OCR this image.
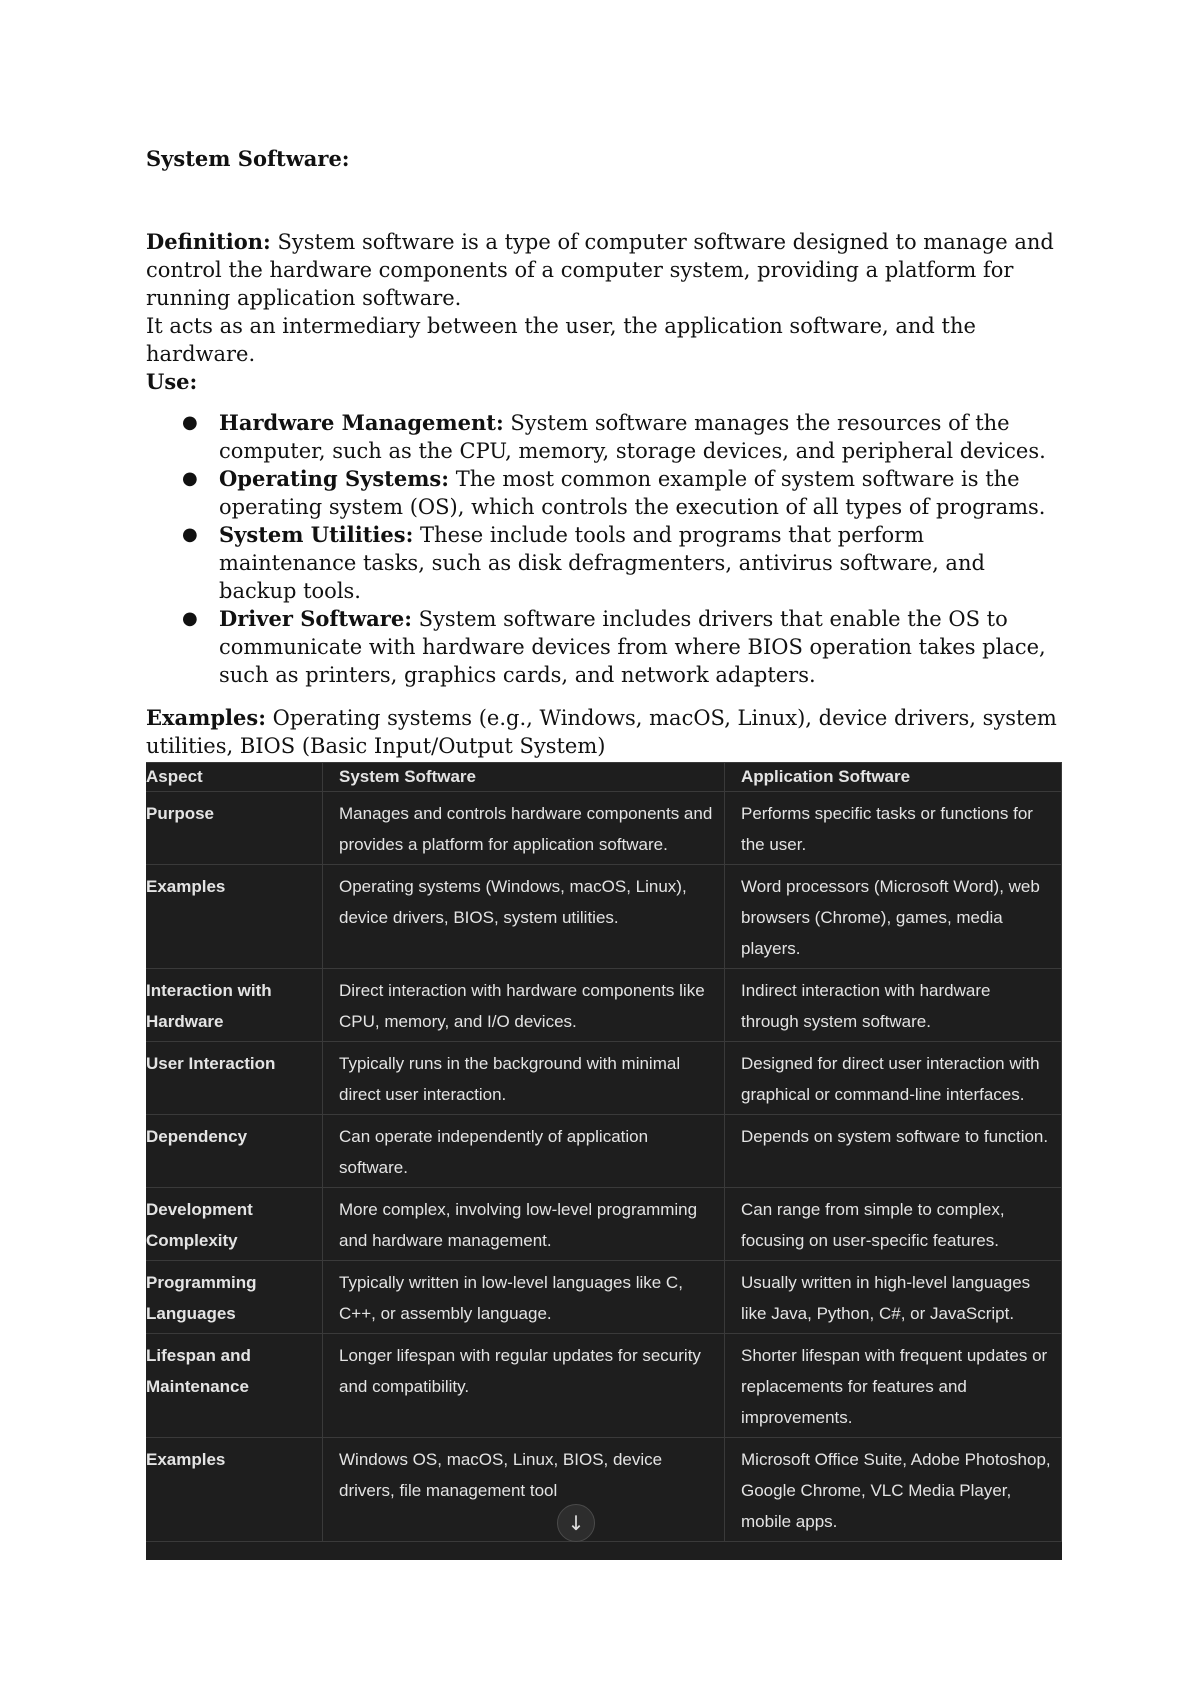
System Software:

Definition: System software is a type of computer software designed to manage and control the hardware components of a computer system, providing a platform for running application software.

It acts as an intermediary between the user, the application software, and the hardware.

Use:

● Hardware Management: System software manages the resources of the computer, such as the CPU, memory, storage devices, and peripheral devices.
● Operating Systems: The most common example of system software is the operating system (OS), which controls the execution of all types of programs.
● System Utilities: These include tools and programs that perform maintenance tasks, such as disk defragmenters, antivirus software, and backup tools.
● Driver Software: System software includes drivers that enable the OS to communicate with hardware devices from where BIOS operation takes place, such as printers, graphics cards, and network adapters.

Examples: Operating systems (e.g., Windows, macOS, Linux), device drivers, system utilities, BIOS (Basic Input/Output System)

Aspect	System Software	Application Software
Purpose	Manages and controls hardware components and provides a platform for application software.	Performs specific tasks or functions for the user.
Examples	Operating systems (Windows, macOS, Linux), device drivers, BIOS, system utilities.	Word processors (Microsoft Word), web browsers (Chrome), games, media players.
Interaction with Hardware	Direct interaction with hardware components like CPU, memory, and I/O devices.	Indirect interaction with hardware through system software.
User Interaction	Typically runs in the background with minimal direct user interaction.	Designed for direct user interaction with graphical or command-line interfaces.
Dependency	Can operate independently of application software.	Depends on system software to function.
Development Complexity	More complex, involving low-level programming and hardware management.	Can range from simple to complex, focusing on user-specific features.
Programming Languages	Typically written in low-level languages like C, C++, or assembly language.	Usually written in high-level languages like Java, Python, C#, or JavaScript.
Lifespan and Maintenance	Longer lifespan with regular updates for security and compatibility.	Shorter lifespan with frequent updates or replacements for features and improvements.
Examples	Windows OS, macOS, Linux, BIOS, device drivers, file management tool	Microsoft Office Suite, Adobe Photoshop, Google Chrome, VLC Media Player, mobile apps.
↓
